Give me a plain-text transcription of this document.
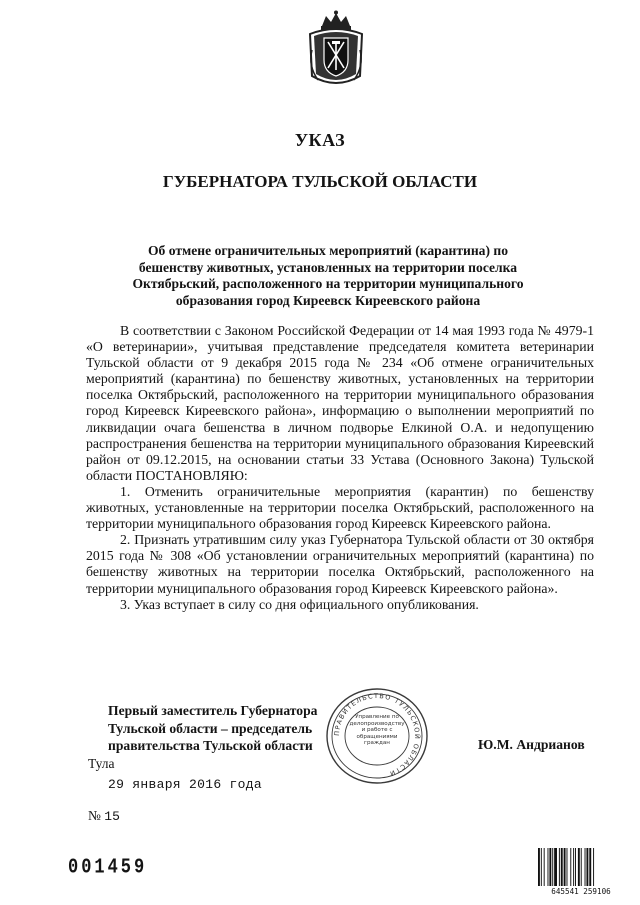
УКАЗ
ГУБЕРНАТОРА ТУЛЬСКОЙ ОБЛАСТИ
Об отмене ограничительных мероприятий (карантина) по
бешенству животных, установленных на территории поселка
Октябрьский, расположенного на территории муниципального
образования город Киреевск Киреевского района

В соответствии с Законом Российской Федерации от 14 мая 1993 года № 4979-1 «О ветеринарии», учитывая представление председателя комитета ветеринарии Тульской области от 9 декабря 2015 года № 234 «Об отмене ограничительных мероприятий (карантина) по бешенству животных, установленных на территории поселка Октябрьский, расположенного на территории муниципального образования город Киреевск Киреевского района», информацию о выполнении мероприятий по ликвидации очага бешенства в личном подворье Елкиной О.А. и недопущению распространения бешенства на территории муниципального образования Киреевский район от 09.12.2015, на основании статьи 33 Устава (Основного Закона) Тульской области ПОСТАНОВЛЯЮ:

1. Отменить ограничительные мероприятия (карантин) по бешенству животных, установленные на территории поселка Октябрьский, расположенного на территории муниципального образования город Киреевск Киреевского района.

2. Признать утратившим силу указ Губернатора Тульской области от 30 октября 2015 года № 308 «Об установлении ограничительных мероприятий (карантина) по бешенству животных на территории поселка Октябрьский, расположенного на территории муниципального образования город Киреевск Киреевского района».

3. Указ вступает в силу со дня официального опубликования.

Первый заместитель Губернатора
Тульской области – председатель
правительства Тульской области
ПРАВИТЕЛЬСТВО ТУЛЬСКОЙ ОБЛАСТИ
Управление по делопроизводству и работе с обращениями граждан	Ю.М. Андрианов
Тула
29 января 2016 года
№ 15
001459
645541 259106
